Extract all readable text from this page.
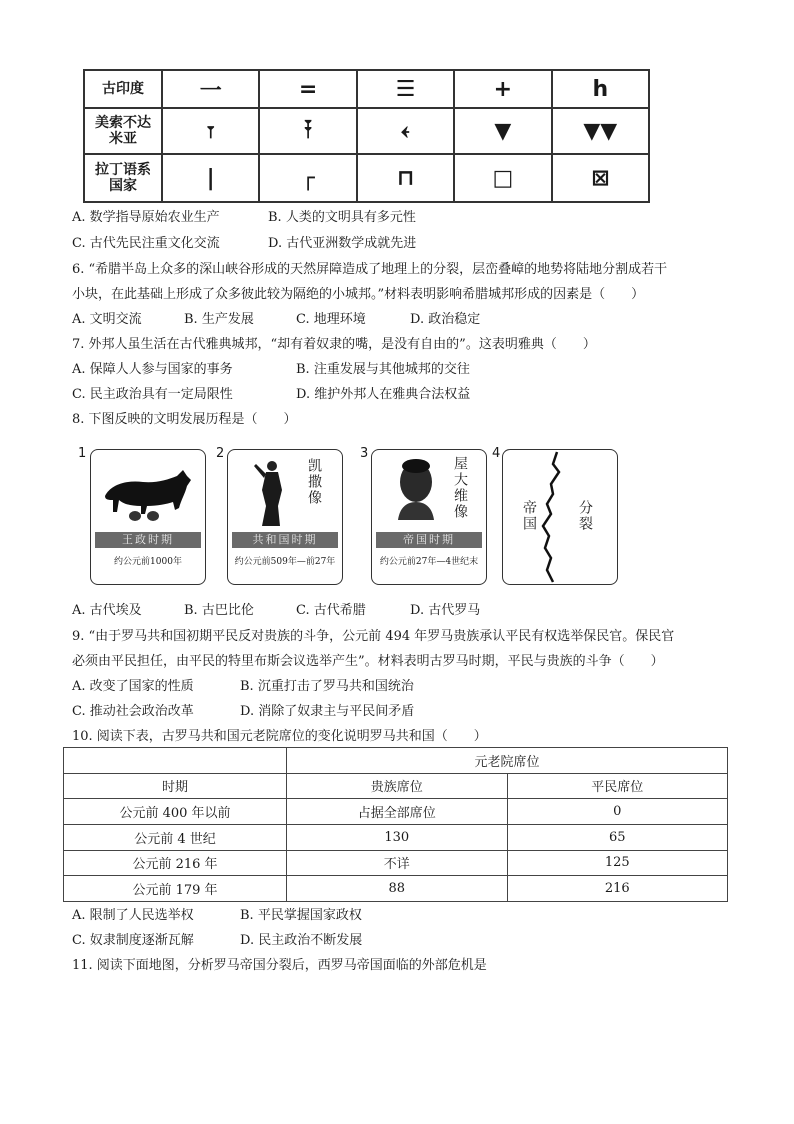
古印度	一	=	☰	+	h
美索不达
米亚	𐏑	𐏒	𐏓	▼	▼▼
拉丁语系
国家	|	┌	⊓	□	⊠
A. 数学指导原始农业生产	B. 人类的文明具有多元性
C. 古代先民注重文化交流	D. 古代亚洲数学成就先进
6. “希腊半岛上众多的深山峡谷形成的天然屏障造成了地理上的分裂，层峦叠嶂的地势将陆地分割成若干
小块，在此基础上形成了众多彼此较为隔绝的小城邦。”材料表明影响希腊城邦形成的因素是（　　）
A. 文明交流	B. 生产发展	C. 地理环境	D. 政治稳定
7. 外邦人虽生活在古代雅典城邦，“却有着奴隶的嘴，是没有自由的”。这表明雅典（　　）
A. 保障人人参与国家的事务	B. 注重发展与其他城邦的交往
C. 民主政治具有一定局限性	D. 维护外邦人在雅典合法权益
8. 下图反映的文明发展历程是（　　）
1
王政时期
约公元前1000年
2
凯撒像
共和国时期
约公元前509年—前27年
3
屋大维像
帝国时期
约公元前27年—4世纪末
4
帝国	分裂
A. 古代埃及	B. 古巴比伦	C. 古代希腊	D. 古代罗马
9. “由于罗马共和国初期平民反对贵族的斗争，公元前 494 年罗马贵族承认平民有权选举保民官。保民官
必须由平民担任，由平民的特里布斯会议选举产生”。材料表明古罗马时期，平民与贵族的斗争（　　）
A. 改变了国家的性质	B. 沉重打击了罗马共和国统治
C. 推动社会政治改革	D. 消除了奴隶主与平民间矛盾
10. 阅读下表，古罗马共和国元老院席位的变化说明罗马共和国（　　）
	元老院席位	
时期	贵族席位	平民席位
公元前 400 年以前	占据全部席位	0
公元前 4 世纪	130	65
公元前 216 年	不详	125
公元前 179 年	88	216
A. 限制了人民选举权	B. 平民掌握国家政权
C. 奴隶制度逐渐瓦解	D. 民主政治不断发展
11. 阅读下面地图，分析罗马帝国分裂后，西罗马帝国面临的外部危机是
